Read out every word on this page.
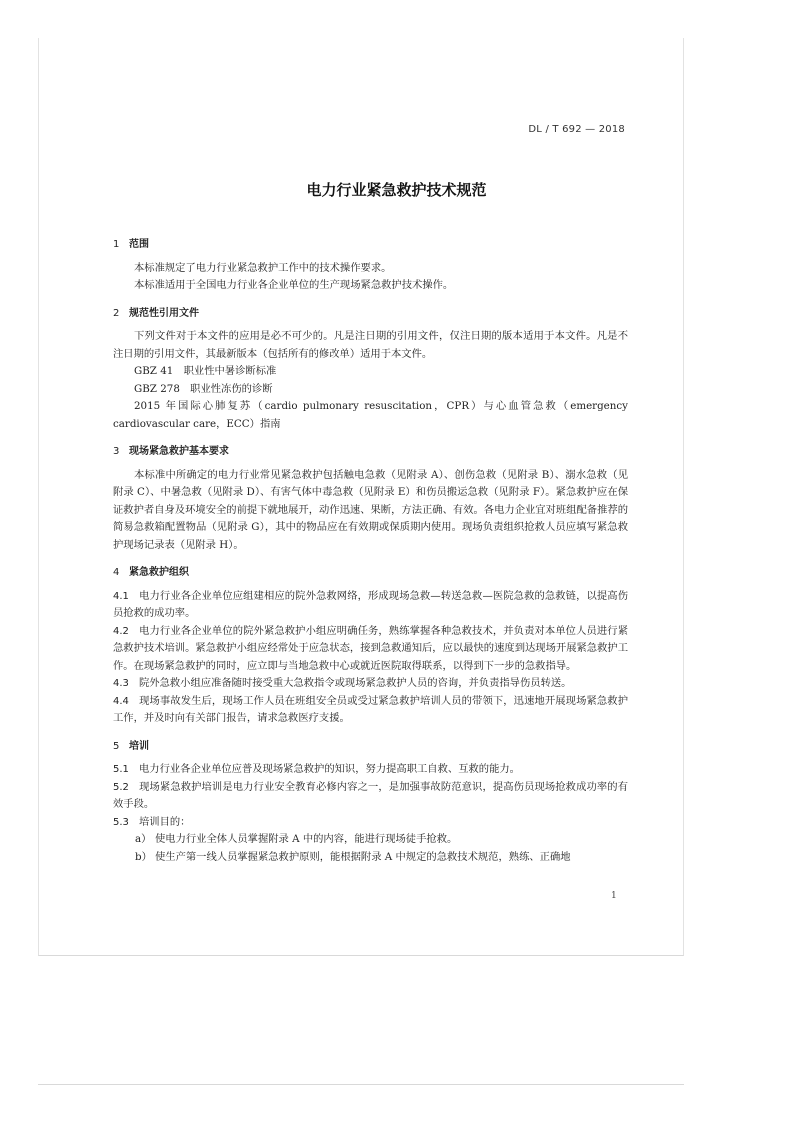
DL / T 692 — 2018
电力行业紧急救护技术规范

1 范围

本标准规定了电力行业紧急救护工作中的技术操作要求。

本标准适用于全国电力行业各企业单位的生产现场紧急救护技术操作。

2 规范性引用文件

下列文件对于本文件的应用是必不可少的。凡是注日期的引用文件，仅注日期的版本适用于本文件。凡是不注日期的引用文件，其最新版本（包括所有的修改单）适用于本文件。

GBZ 41　职业性中暑诊断标准

GBZ 278　职业性冻伤的诊断

2015 年国际心肺复苏（cardio pulmonary resuscitation，CPR）与心血管急救（emergency cardiovascular care，ECC）指南

3 现场紧急救护基本要求

本标准中所确定的电力行业常见紧急救护包括触电急救（见附录 A）、创伤急救（见附录 B）、溺水急救（见附录 C）、中暑急救（见附录 D）、有害气体中毒急救（见附录 E）和伤员搬运急救（见附录 F）。紧急救护应在保证救护者自身及环境安全的前提下就地展开，动作迅速、果断，方法正确、有效。各电力企业宜对班组配备推荐的简易急救箱配置物品（见附录 G），其中的物品应在有效期或保质期内使用。现场负责组织抢救人员应填写紧急救护现场记录表（见附录 H）。

4 紧急救护组织

4.1 电力行业各企业单位应组建相应的院外急救网络，形成现场急救—转送急救—医院急救的急救链，以提高伤员抢救的成功率。

4.2 电力行业各企业单位的院外紧急救护小组应明确任务，熟练掌握各种急救技术，并负责对本单位人员进行紧急救护技术培训。紧急救护小组应经常处于应急状态，接到急救通知后，应以最快的速度到达现场开展紧急救护工作。在现场紧急救护的同时，应立即与当地急救中心或就近医院取得联系，以得到下一步的急救指导。

4.3 院外急救小组应准备随时接受重大急救指令或现场紧急救护人员的咨询，并负责指导伤员转送。

4.4 现场事故发生后，现场工作人员在班组安全员或受过紧急救护培训人员的带领下，迅速地开展现场紧急救护工作，并及时向有关部门报告，请求急救医疗支援。

5 培训

5.1 电力行业各企业单位应普及现场紧急救护的知识，努力提高职工自救、互救的能力。

5.2 现场紧急救护培训是电力行业安全教育必修内容之一，是加强事故防范意识，提高伤员现场抢救成功率的有效手段。

5.3 培训目的：

a） 使电力行业全体人员掌握附录 A 中的内容，能进行现场徒手抢救。

b） 使生产第一线人员掌握紧急救护原则，能根据附录 A 中规定的急救技术规范，熟练、正确地

1
